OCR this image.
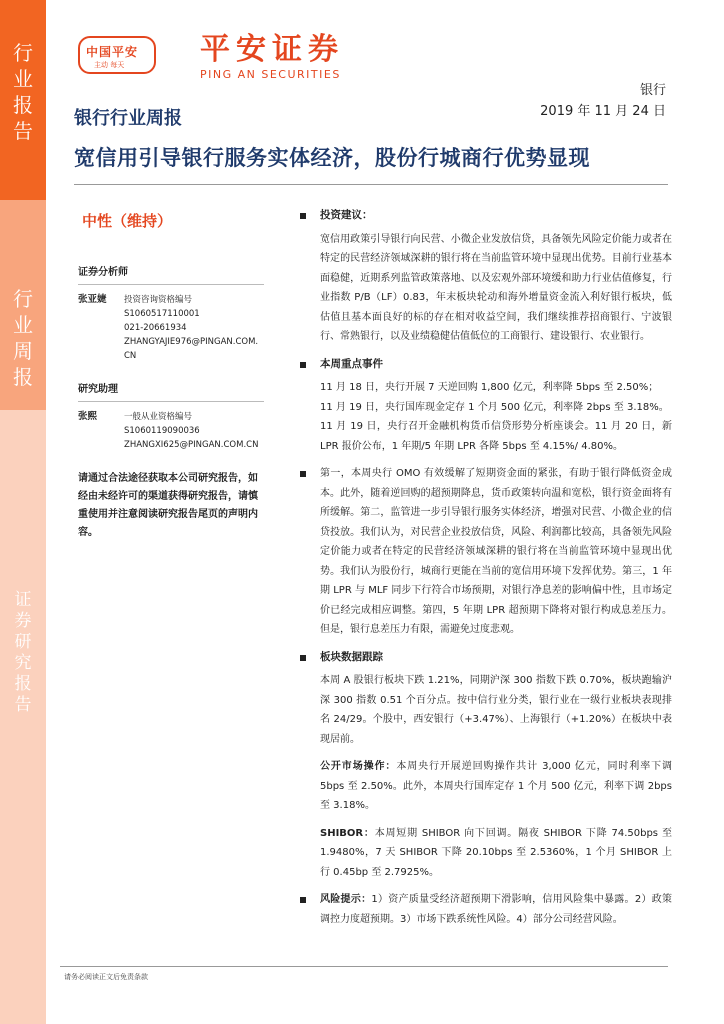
行
业
报
告
行
业
周
报
证
券
研
究
报
告
中国平安
主动 每天	平安证券
PING AN SECURITIES
银行
2019 年 11 月 24 日
银行行业周报
宽信用引导银行服务实体经济，股份行城商行优势显现
中性（维持）
证券分析师
张亚婕	投资咨询资格编号
S1060517110001
021-20661934
ZHANGYAJIE976@PINGAN.COM.CN
研究助理
张熙	一般从业资格编号
S1060119090036
ZHANGXI625@PINGAN.COM.CN
请通过合法途径获取本公司研究报告，如经由未经许可的渠道获得研究报告，请慎重使用并注意阅读研究报告尾页的声明内容。
投资建议：
宽信用政策引导银行向民营、小微企业发放信贷，具备领先风险定价能力或者在特定的民营经济领域深耕的银行将在当前监管环境中显现出优势。目前行业基本面稳健，近期系列监管政策落地、以及宏观外部环境缓和助力行业估值修复，行业指数 P/B（LF）0.83，年末板块轮动和海外增量资金流入利好银行板块，低估值且基本面良好的标的存在相对收益空间，我们继续推荐招商银行、宁波银行、常熟银行，以及业绩稳健估值低位的工商银行、建设银行、农业银行。
本周重点事件
11 月 18 日，央行开展 7 天逆回购 1,800 亿元，利率降 5bps 至 2.50%；
11 月 19 日，央行国库现金定存 1 个月 500 亿元，利率降 2bps 至 3.18%。
11 月 19 日，央行召开金融机构货币信贷形势分析座谈会。11 月 20 日，新 LPR 报价公布，1 年期/5 年期 LPR 各降 5bps 至 4.15%/ 4.80%。
第一，本周央行 OMO 有效缓解了短期资金面的紧张，有助于银行降低资金成本。此外，随着逆回购的超预期降息，货币政策转向温和宽松，银行资金面将有所缓解。第二，监管进一步引导银行服务实体经济，增强对民营、小微企业的信贷投放。我们认为，对民营企业投放信贷，风险、利润都比较高，具备领先风险定价能力或者在特定的民营经济领域深耕的银行将在当前监管环境中显现出优势。我们认为股份行，城商行更能在当前的宽信用环境下发挥优势。第三，1 年期 LPR 与 MLF 同步下行符合市场预期，对银行净息差的影响偏中性，且市场定价已经完成相应调整。第四，5 年期 LPR 超预期下降将对银行构成息差压力。但是，银行息差压力有限，需避免过度悲观。
板块数据跟踪
本周 A 股银行板块下跌 1.21%，同期沪深 300 指数下跌 0.70%，板块跑输沪深 300 指数 0.51 个百分点。按中信行业分类，银行业在一级行业板块表现排名 24/29。个股中，西安银行（+3.47%）、上海银行（+1.20%）在板块中表现居前。
公开市场操作：本周央行开展逆回购操作共计 3,000 亿元，同时利率下调 5bps 至 2.50%。此外，本周央行国库定存 1 个月 500 亿元，利率下调 2bps 至 3.18%。
SHIBOR：本周短期 SHIBOR 向下回调。隔夜 SHIBOR 下降 74.50bps 至 1.9480%，7 天 SHIBOR 下降 20.10bps 至 2.5360%，1 个月 SHIBOR 上行 0.45bp 至 2.7925%。
风险提示：1）资产质量受经济超预期下滑影响，信用风险集中暴露。2）政策调控力度超预期。3）市场下跌系统性风险。4）部分公司经营风险。
请务必阅读正文后免责条款
